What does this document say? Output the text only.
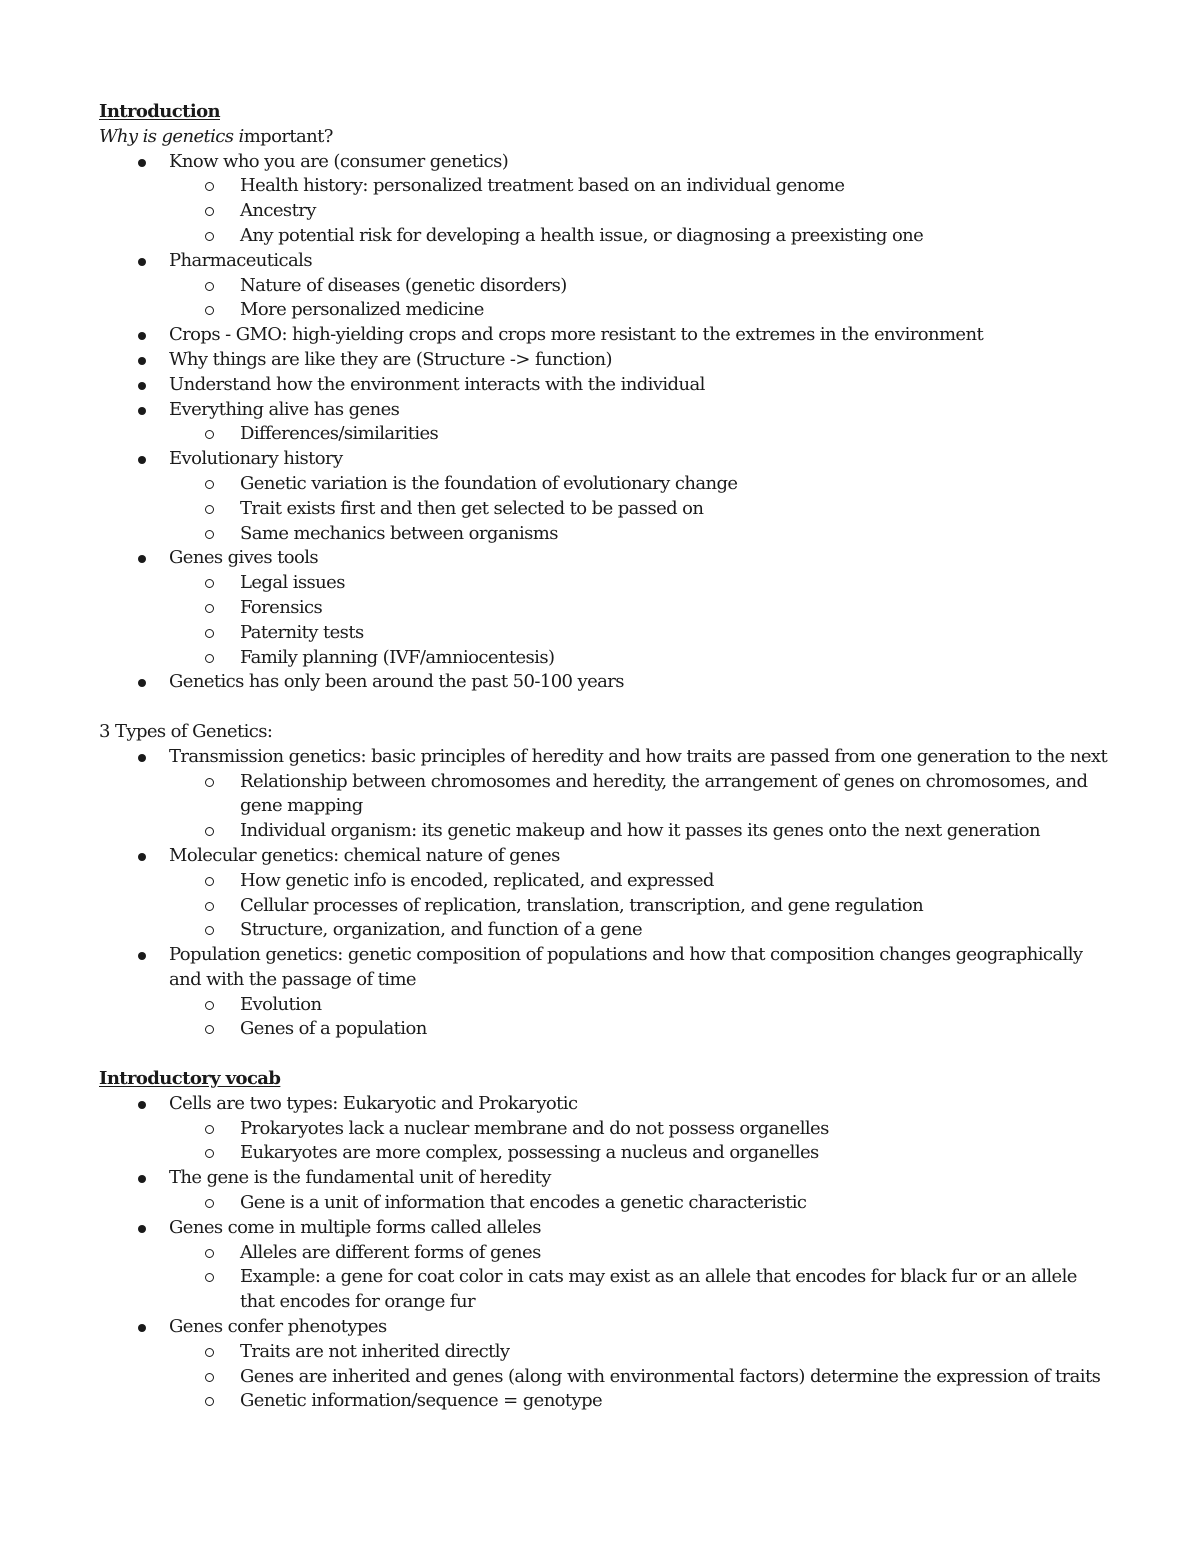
Introduction

Why is genetics important?

Know who you are (consumer genetics)
Health history: personalized treatment based on an individual genome
Ancestry
Any potential risk for developing a health issue, or diagnosing a preexisting one
Pharmaceuticals
Nature of diseases (genetic disorders)
More personalized medicine
Crops - GMO: high-yielding crops and crops more resistant to the extremes in the environment
Why things are like they are (Structure -> function)
Understand how the environment interacts with the individual
Everything alive has genes
Differences/similarities
Evolutionary history
Genetic variation is the foundation of evolutionary change
Trait exists first and then get selected to be passed on
Same mechanics between organisms
Genes gives tools
Legal issues
Forensics
Paternity tests
Family planning (IVF/amniocentesis)
Genetics has only been around the past 50-100 years

3 Types of Genetics:

Transmission genetics: basic principles of heredity and how traits are passed from one generation to the next
Relationship between chromosomes and heredity, the arrangement of genes on chromosomes, and gene mapping
Individual organism: its genetic makeup and how it passes its genes onto the next generation
Molecular genetics: chemical nature of genes
How genetic info is encoded, replicated, and expressed
Cellular processes of replication, translation, transcription, and gene regulation
Structure, organization, and function of a gene
Population genetics: genetic composition of populations and how that composition changes geographically and with the passage of time
Evolution
Genes of a population

Introductory vocab

Cells are two types: Eukaryotic and Prokaryotic
Prokaryotes lack a nuclear membrane and do not possess organelles
Eukaryotes are more complex, possessing a nucleus and organelles
The gene is the fundamental unit of heredity
Gene is a unit of information that encodes a genetic characteristic
Genes come in multiple forms called alleles
Alleles are different forms of genes
Example: a gene for coat color in cats may exist as an allele that encodes for black fur or an allele that encodes for orange fur
Genes confer phenotypes
Traits are not inherited directly
Genes are inherited and genes (along with environmental factors) determine the expression of traits
Genetic information/sequence = genotype
